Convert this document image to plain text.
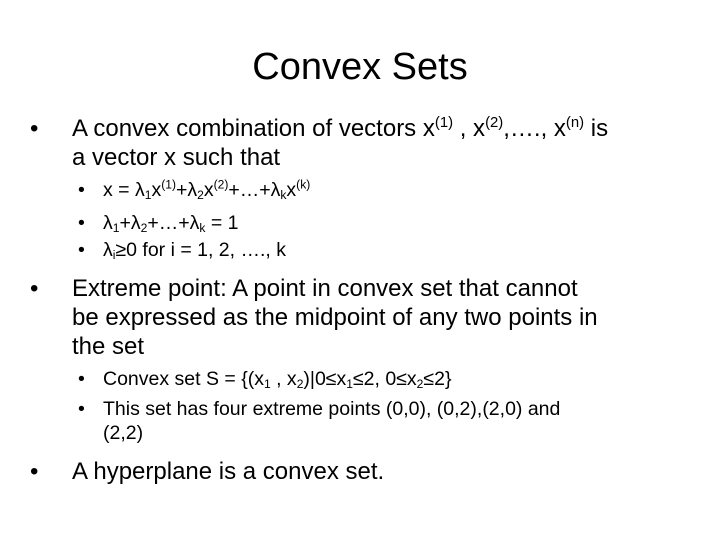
Convex Sets
• A convex combination of vectors $x^{(1)}$ , $x^{(2)},\dots$., $x^{(n)}$ is
a vector x such that
• $x = \lambda_1x^{(1)}+\lambda_2x^{(2)}+\dots+\lambda_kx^{(k)}$
• $\lambda_1+\lambda_2+\dots+\lambda_k = 1$
• $\lambda_i\ge 0$ for i = 1, 2, …., k
• Extreme point: A point in convex set that cannot
be expressed as the midpoint of any two points in
the set
• Convex set $S = \{(x_1$ , $x_2)|0\le x_1\le 2$, $0\le x_2\le 2$}
• This set has four extreme points (0,0), (0,2),(2,0) and
(2,2)
• A hyperplane is a convex set.
